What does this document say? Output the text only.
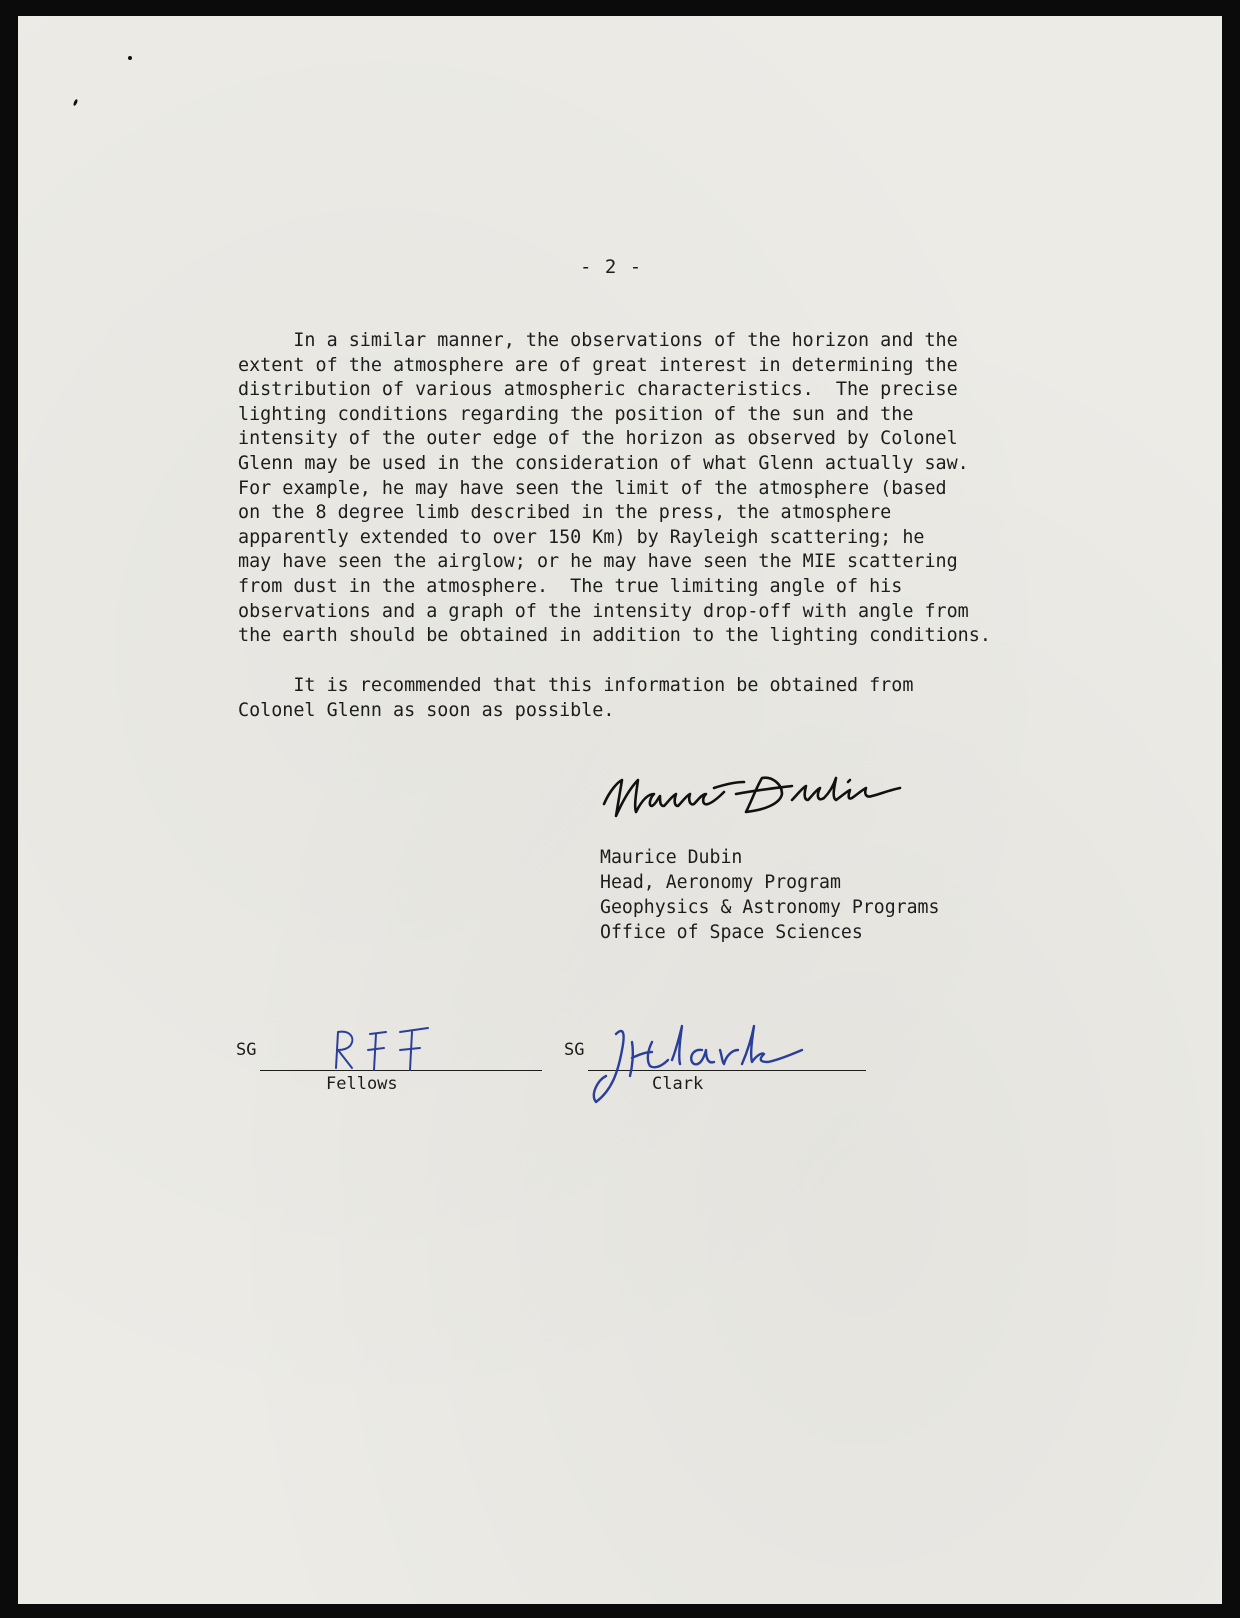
- 2 -
In a similar manner, the observations of the horizon and the
extent of the atmosphere are of great interest in determining the
distribution of various atmospheric characteristics.  The precise
lighting conditions regarding the position of the sun and the
intensity of the outer edge of the horizon as observed by Colonel
Glenn may be used in the consideration of what Glenn actually saw.
For example, he may have seen the limit of the atmosphere (based
on the 8 degree limb described in the press, the atmosphere
apparently extended to over 150 Km) by Rayleigh scattering; he
may have seen the airglow; or he may have seen the MIE scattering
from dust in the atmosphere.  The true limiting angle of his
observations and a graph of the intensity drop-off with angle from
the earth should be obtained in addition to the lighting conditions.
It is recommended that this information be obtained from
Colonel Glenn as soon as possible.
Maurice Dubin
Head, Aeronomy Program
Geophysics & Astronomy Programs
Office of Space Sciences
SG
Fellows
SG
Clark
